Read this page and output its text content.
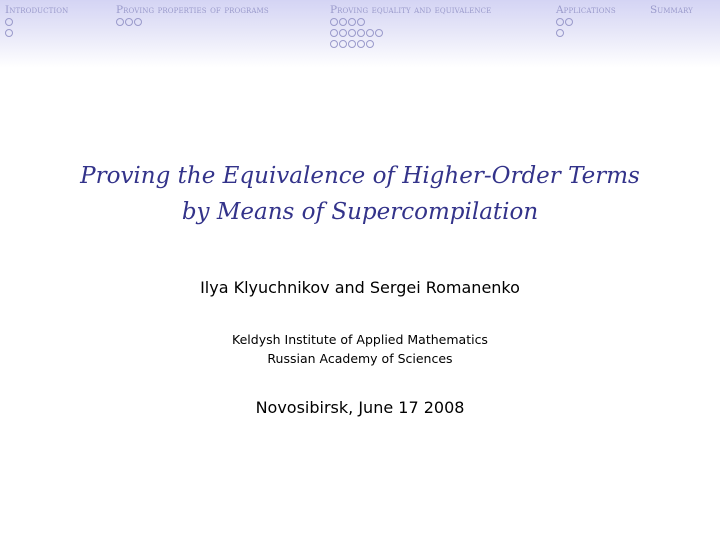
Introduction	Proving properties of programs	Proving equality and equivalence	Applications	Summary

Proving the Equivalence of Higher-Order Terms

by Means of Supercompilation

Ilya Klyuchnikov and Sergei Romanenko
Keldysh Institute of Applied Mathematics
Russian Academy of Sciences
Novosibirsk, June 17 2008
